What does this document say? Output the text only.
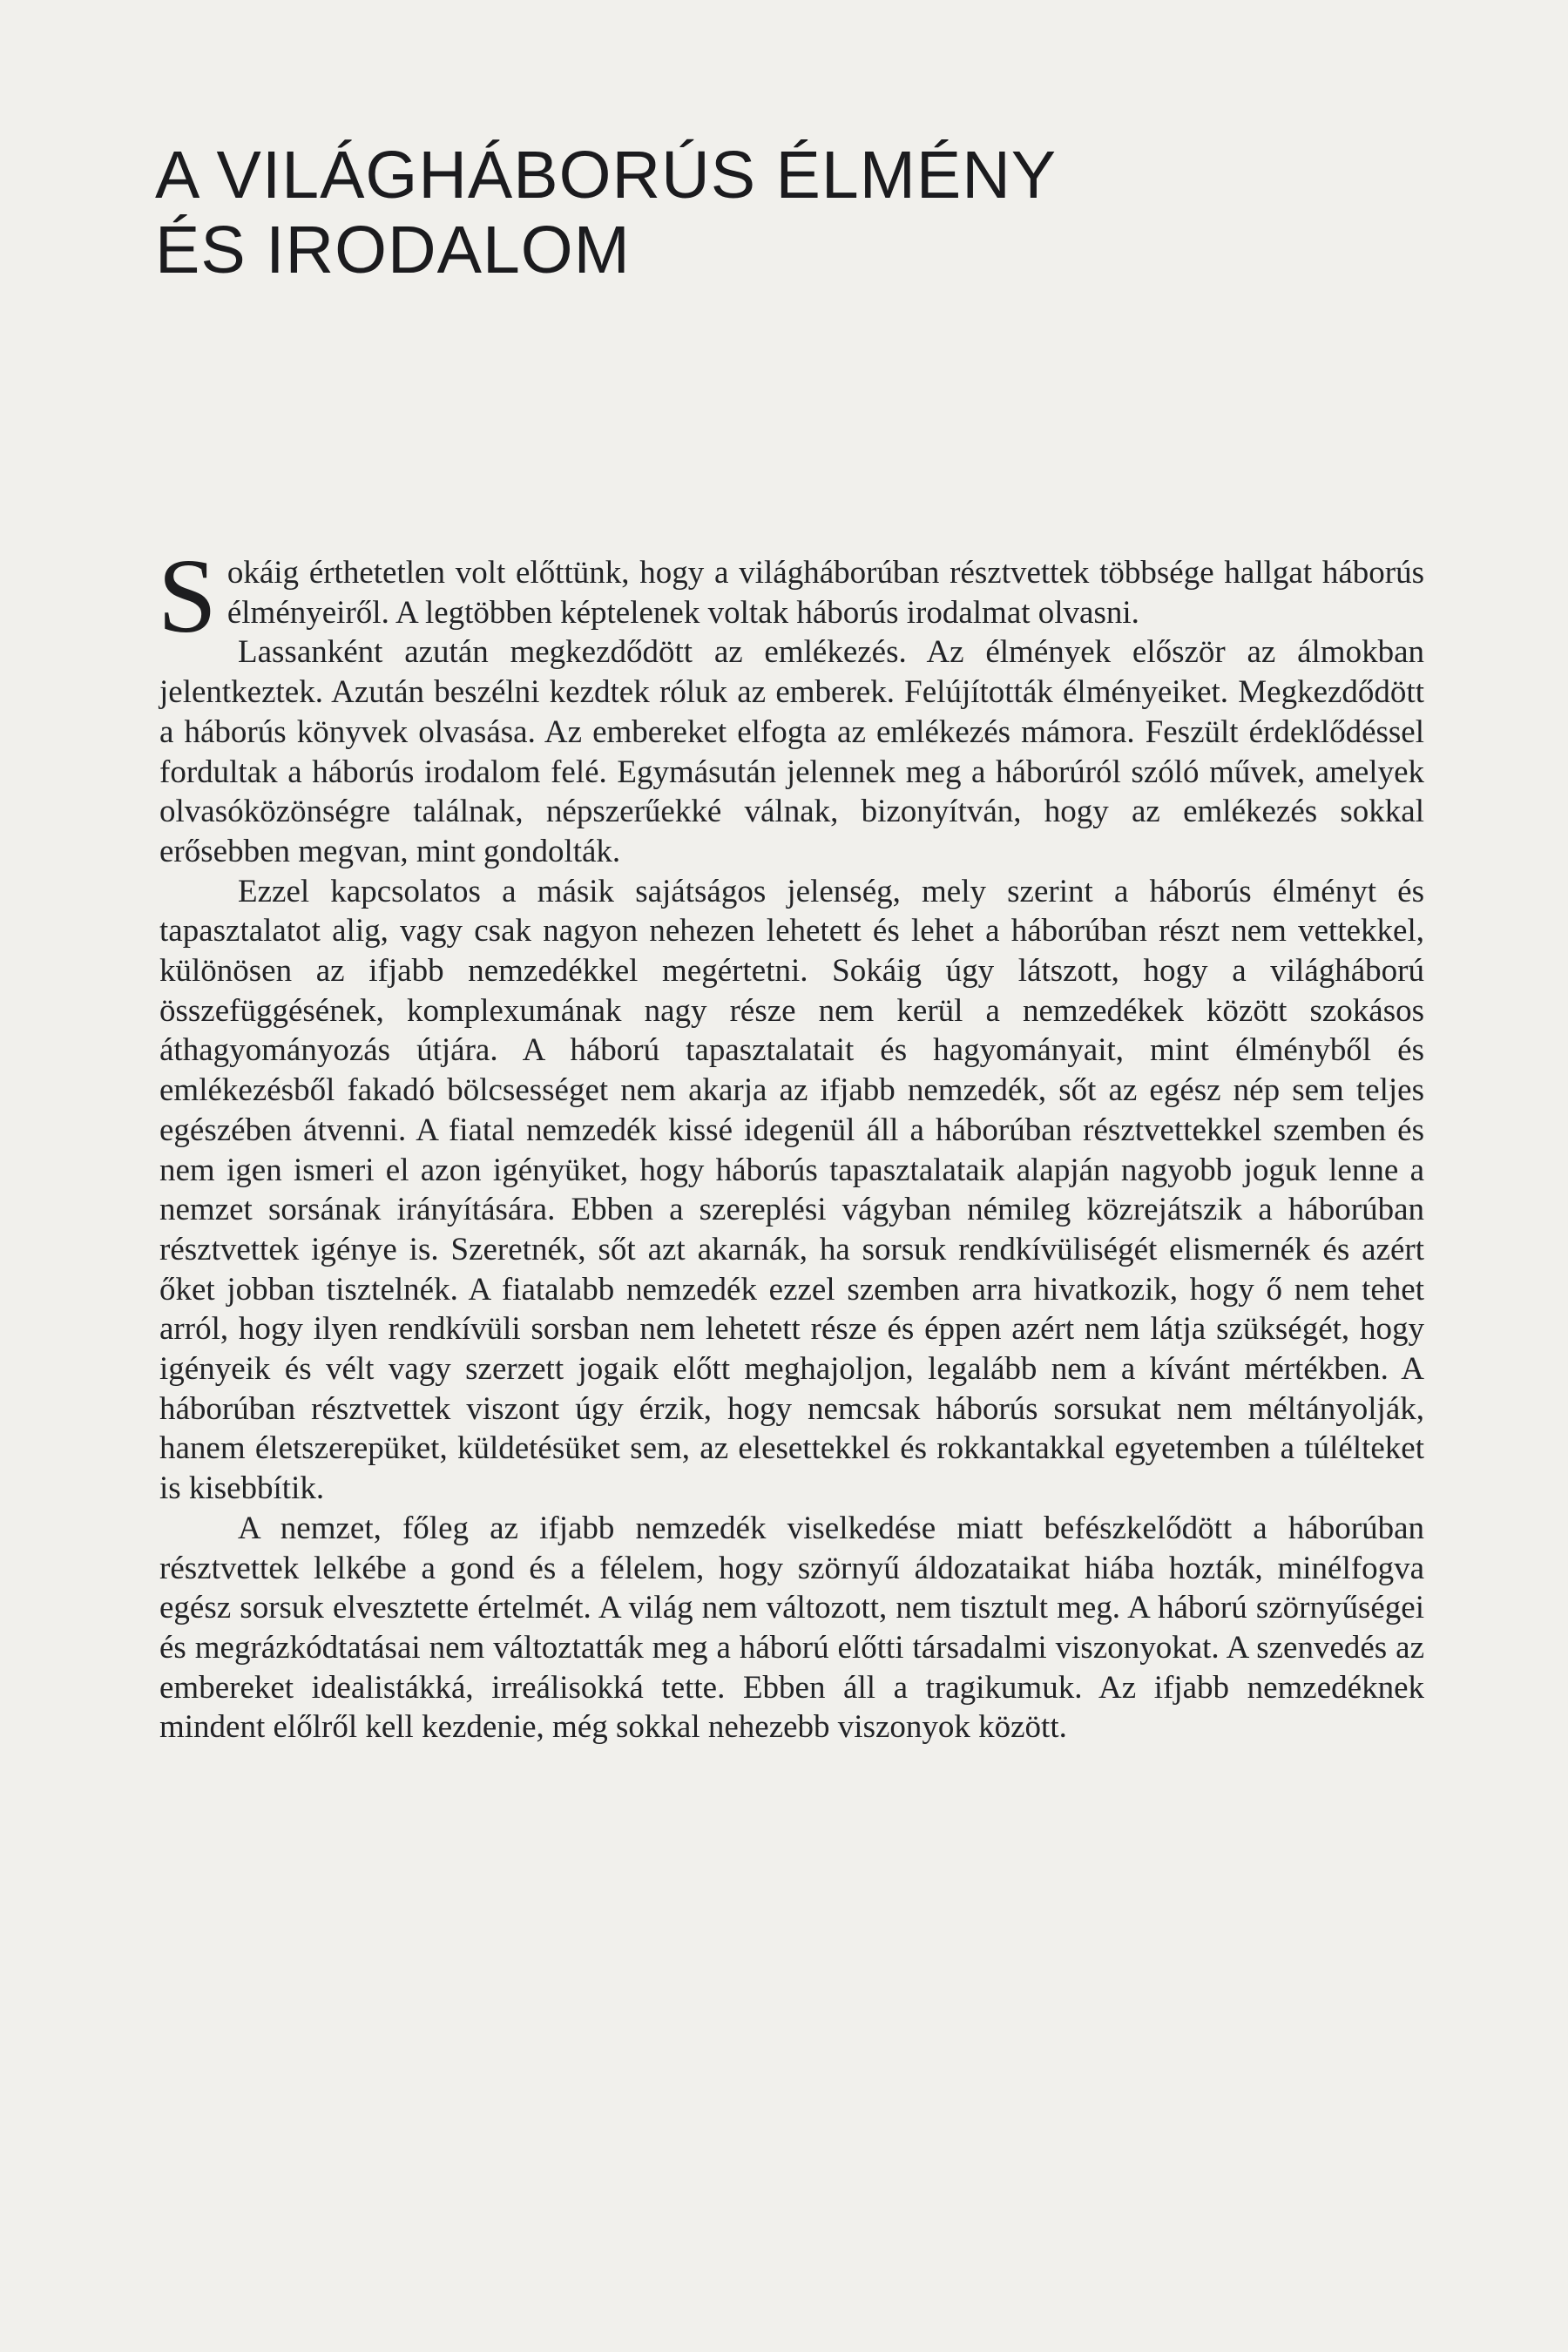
A VILÁGHÁBORÚS ÉLMÉNY
ÉS IRODALOM

Sokáig érthetetlen volt előttünk, hogy a világháborúban résztvettek többsége hallgat háborús élményeiről. A legtöbben képtelenek voltak háborús irodalmat olvasni.

Lassanként azután megkezdődött az emlékezés. Az élmények először az álmokban jelentkeztek. Azután beszélni kezdtek róluk az emberek. Felújították élményeiket. Megkezdődött a háborús könyvek olvasása. Az embereket elfogta az emlékezés mámora. Feszült érdeklődéssel fordultak a háborús irodalom felé. Egymásután jelennek meg a háborúról szóló művek, amelyek olvasóközönségre találnak, népszerűekké válnak, bizonyítván, hogy az emlékezés sokkal erősebben megvan, mint gondolták.

Ezzel kapcsolatos a másik sajátságos jelenség, mely szerint a háborús élményt és tapasztalatot alig, vagy csak nagyon nehezen lehetett és lehet a háborúban részt nem vettekkel, különösen az ifjabb nemzedékkel megértetni. Sokáig úgy látszott, hogy a világháború összefüggésének, komplexumának nagy része nem kerül a nemzedékek között szokásos áthagyományozás útjára. A háború tapasztalatait és hagyományait, mint élményből és emlékezésből fakadó bölcsességet nem akarja az ifjabb nemzedék, sőt az egész nép sem teljes egészében átvenni. A fiatal nemzedék kissé idegenül áll a háborúban résztvettekkel szemben és nem igen ismeri el azon igényüket, hogy háborús tapasztalataik alapján nagyobb joguk lenne a nemzet sorsának irányítására. Ebben a szereplési vágyban némileg közrejátszik a háborúban résztvettek igénye is. Szeretnék, sőt azt akarnák, ha sorsuk rendkívüliségét elismernék és azért őket jobban tisztelnék. A fiatalabb nemzedék ezzel szemben arra hivatkozik, hogy ő nem tehet arról, hogy ilyen rendkívüli sorsban nem lehetett része és éppen azért nem látja szükségét, hogy igényeik és vélt vagy szerzett jogaik előtt meghajoljon, legalább nem a kívánt mértékben. A háborúban résztvettek viszont úgy érzik, hogy nemcsak háborús sorsukat nem méltányolják, hanem életszerepüket, küldetésüket sem, az elesettekkel és rokkantakkal egyetemben a túlélteket is kisebbítik.

A nemzet, főleg az ifjabb nemzedék viselkedése miatt befészkelődött a háborúban résztvettek lelkébe a gond és a félelem, hogy szörnyű áldozataikat hiába hozták, minélfogva egész sorsuk elvesztette értelmét. A világ nem változott, nem tisztult meg. A háború szörnyűségei és megrázkódtatásai nem változtatták meg a háború előtti társadalmi viszonyokat. A szenvedés az embereket idealistákká, irreálisokká tette. Ebben áll a tragikumuk. Az ifjabb nemzedéknek mindent előlről kell kezdenie, még sokkal nehezebb viszonyok között.
